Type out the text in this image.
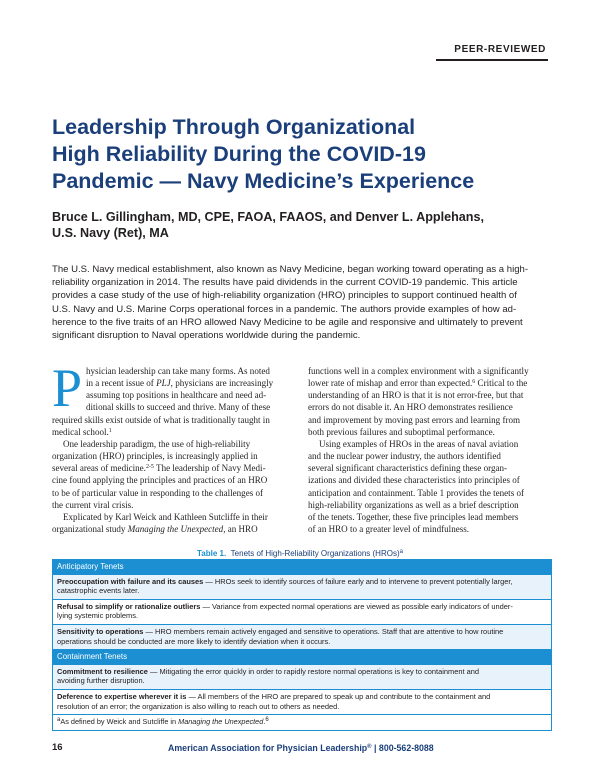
PEER-REVIEWED
Leadership Through Organizational
High Reliability During the COVID-19
Pandemic — Navy Medicine’s Experience
Bruce L. Gillingham, MD, CPE, FAOA, FAAOS, and Denver L. Applehans,
U.S. Navy (Ret), MA
The U.S. Navy medical establishment, also known as Navy Medicine, began working toward operating as a high-
reliability organization in 2014. The results have paid dividends in the current COVID-19 pandemic. This article
provides a case study of the use of high-reliability organization (HRO) principles to support continued health of
U.S. Navy and U.S. Marine Corps operational forces in a pandemic. The authors provide examples of how ad-
herence to the five traits of an HRO allowed Navy Medicine to be agile and responsive and ultimately to prevent
significant disruption to Naval operations worldwide during the pandemic.
P hysician leadership can take many forms. As noted
in a recent issue of PLJ, physicians are increasingly
assuming top positions in healthcare and need ad-
ditional skills to succeed and thrive. Many of these
required skills exist outside of what is traditionally taught in
medical school.$^1$
One leadership paradigm, the use of high-reliability
organization (HRO) principles, is increasingly applied in
several areas of medicine.$^{2-5}$ The leadership of Navy Medi-
cine found applying the principles and practices of an HRO
to be of particular value in responding to the challenges of
the current viral crisis.
Explicated by Karl Weick and Kathleen Sutcliffe in their
organizational study Managing the Unexpected, an HRO
functions well in a complex environment with a significantly
lower rate of mishap and error than expected.$^6$ Critical to the
understanding of an HRO is that it is not error-free, but that
errors do not disable it. An HRO demonstrates resilience
and improvement by moving past errors and learning from
both previous failures and suboptimal performance.
Using examples of HROs in the areas of naval aviation
and the nuclear power industry, the authors identified
several significant characteristics defining these organ-
izations and divided these characteristics into principles of
anticipation and containment. Table 1 provides the tenets of
high-reliability organizations as well as a brief description
of the tenets. Together, these five principles lead members
of an HRO to a greater level of mindfulness.
Table 1. Tenets of High-Reliability Organizations (HROs)$^a$
Anticipatory Tenets

Preoccupation with failure and its causes — HROs seek to identify sources of failure early and to intervene to prevent potentially larger,
catastrophic events later.

Refusal to simplify or rationalize outliers — Variance from expected normal operations are viewed as possible early indicators of under-
lying systemic problems.

Sensitivity to operations — HRO members remain actively engaged and sensitive to operations. Staff that are attentive to how routine
operations should be conducted are more likely to identify deviation when it occurs.

Containment Tenets

Commitment to resilience — Mitigating the error quickly in order to rapidly restore normal operations is key to containment and
avoiding further disruption.

Deference to expertise wherever it is — All members of the HRO are prepared to speak up and contribute to the containment and
resolution of an error; the organization is also willing to reach out to others as needed.

$^a$As defined by Weick and Sutcliffe in Managing the Unexpected.$^6$
16	American Association for Physician Leadership® | 800-562-8088
